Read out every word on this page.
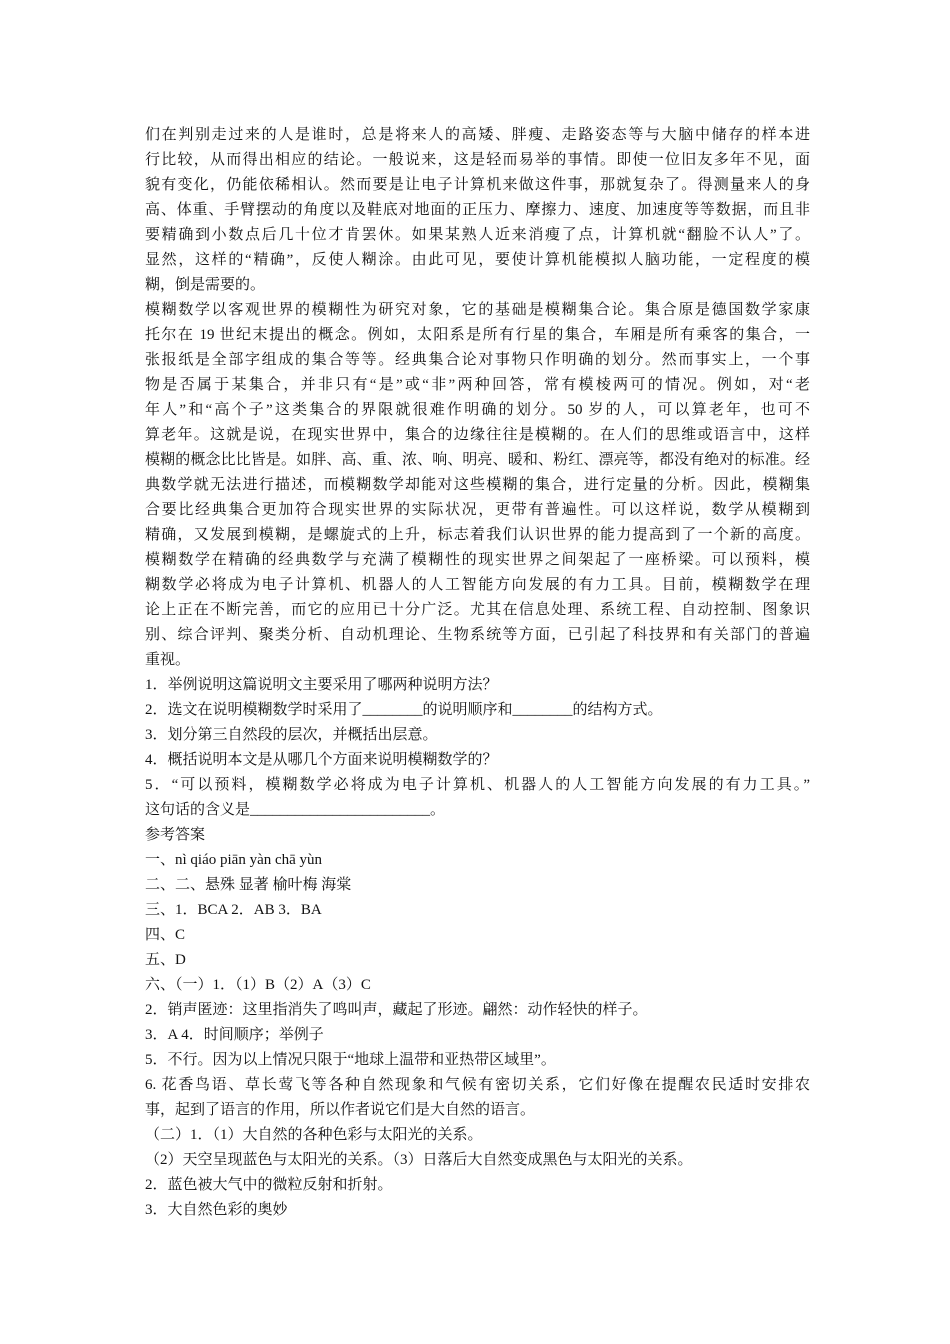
们在判别走过来的人是谁时，总是将来人的高矮、胖瘦、走路姿态等与大脑中储存的样本进
行比较，从而得出相应的结论。一般说来，这是轻而易举的事情。即使一位旧友多年不见，面
貌有变化，仍能依稀相认。然而要是让电子计算机来做这件事，那就复杂了。得测量来人的身
高、体重、手臂摆动的角度以及鞋底对地面的正压力、摩擦力、速度、加速度等等数据，而且非
要精确到小数点后几十位才肯罢休。如果某熟人近来消瘦了点，计算机就“翻脸不认人”了。
显然，这样的“精确”，反使人糊涂。由此可见，要使计算机能模拟人脑功能，一定程度的模
糊，倒是需要的。
模糊数学以客观世界的模糊性为研究对象，它的基础是模糊集合论。集合原是德国数学家康
托尔在 19 世纪末提出的概念。例如，太阳系是所有行星的集合，车厢是所有乘客的集合，一
张报纸是全部字组成的集合等等。经典集合论对事物只作明确的划分。然而事实上，一个事
物是否属于某集合，并非只有“是”或“非”两种回答，常有模棱两可的情况。例如，对“老
年人”和“高个子”这类集合的界限就很难作明确的划分。50 岁的人，可以算老年，也可不
算老年。这就是说，在现实世界中，集合的边缘往往是模糊的。在人们的思维或语言中，这样
模糊的概念比比皆是。如胖、高、重、浓、响、明亮、暖和、粉红、漂亮等，都没有绝对的标准。经
典数学就无法进行描述，而模糊数学却能对这些模糊的集合，进行定量的分析。因此，模糊集
合要比经典集合更加符合现实世界的实际状况，更带有普遍性。可以这样说，数学从模糊到
精确，又发展到模糊，是螺旋式的上升，标志着我们认识世界的能力提高到了一个新的高度。
模糊数学在精确的经典数学与充满了模糊性的现实世界之间架起了一座桥梁。可以预料，模
糊数学必将成为电子计算机、机器人的人工智能方向发展的有力工具。目前，模糊数学在理
论上正在不断完善，而它的应用已十分广泛。尤其在信息处理、系统工程、自动控制、图象识
别、综合评判、聚类分析、自动机理论、生物系统等方面，已引起了科技界和有关部门的普遍
重视。
1．举例说明这篇说明文主要采用了哪两种说明方法？
2．选文在说明模糊数学时采用了________的说明顺序和________的结构方式。
3．划分第三自然段的层次，并概括出层意。
4．概括说明本文是从哪几个方面来说明模糊数学的？
5．“可以预料，模糊数学必将成为电子计算机、机器人的人工智能方向发展的有力工具。”
这句话的含义是________________________。
参考答案
一、nì qiáo piān yàn chā yùn
二、二、悬殊 显著 榆叶梅 海棠
三、1．BCA 2．AB 3．BA
四、C
五、D
六、（一）1．（1）B（2）A（3）C
2．销声匿迹：这里指消失了鸣叫声，藏起了形迹。翩然：动作轻快的样子。
3．A 4．时间顺序；举例子
5．不行。因为以上情况只限于“地球上温带和亚热带区域里”。
6. 花香鸟语、草长莺飞等各种自然现象和气候有密切关系，它们好像在提醒农民适时安排农
事，起到了语言的作用，所以作者说它们是大自然的语言。
（二）1．（1）大自然的各种色彩与太阳光的关系。
（2）天空呈现蓝色与太阳光的关系。（3）日落后大自然变成黑色与太阳光的关系。
2．蓝色被大气中的微粒反射和折射。
3．大自然色彩的奥妙
